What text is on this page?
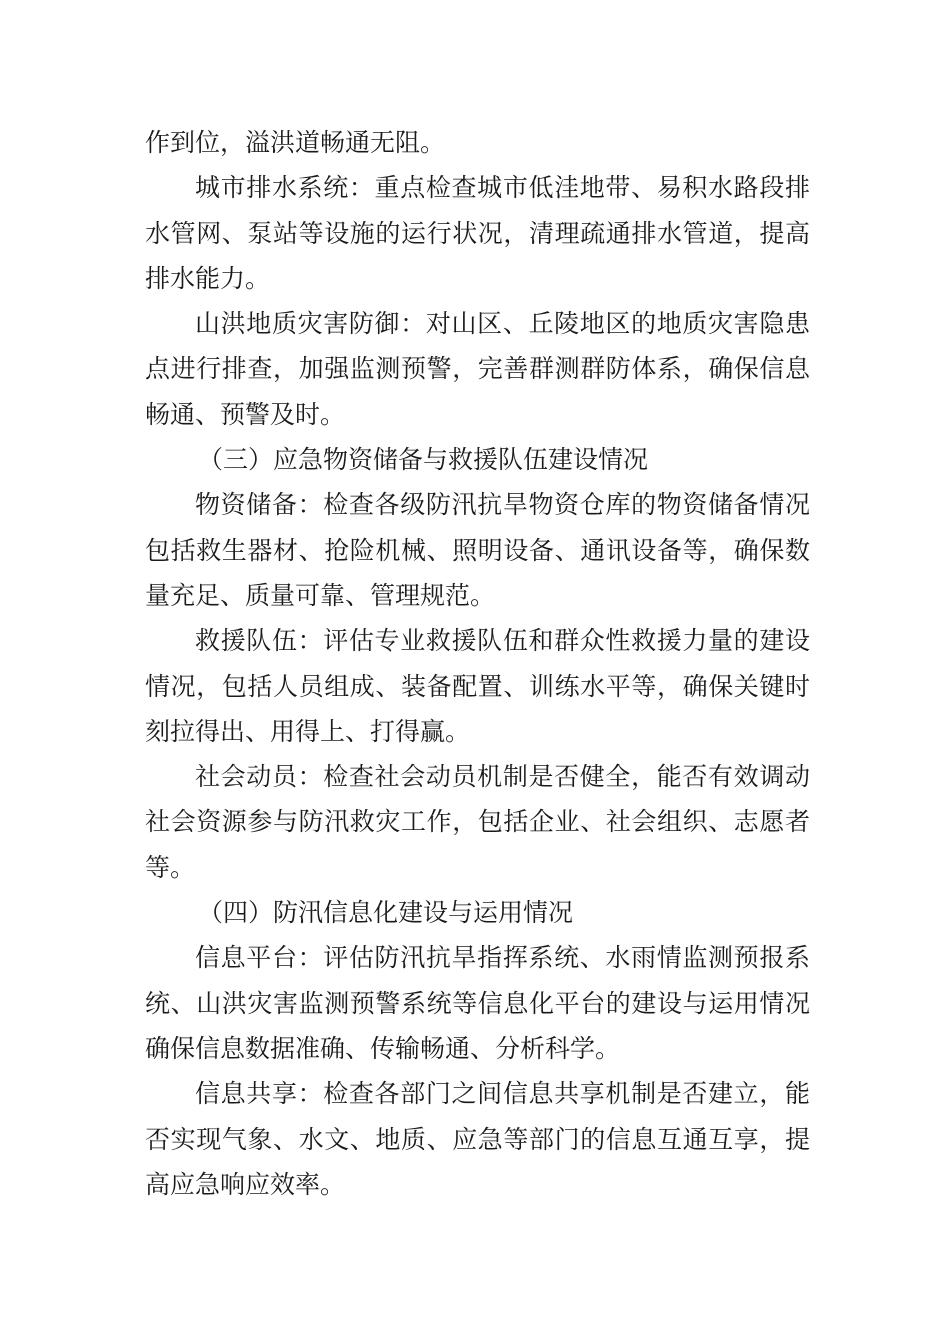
作到位，溢洪道畅通无阻。

城市排水系统：重点检查城市低洼地带、易积水路段排水管网、泵站等设施的运行状况，清理疏通排水管道，提高排水能力。

山洪地质灾害防御：对山区、丘陵地区的地质灾害隐患点进行排查，加强监测预警，完善群测群防体系，确保信息畅通、预警及时。

（三）应急物资储备与救援队伍建设情况

物资储备：检查各级防汛抗旱物资仓库的物资储备情况包括救生器材、抢险机械、照明设备、通讯设备等，确保数量充足、质量可靠、管理规范。

救援队伍：评估专业救援队伍和群众性救援力量的建设情况，包括人员组成、装备配置、训练水平等，确保关键时刻拉得出、用得上、打得赢。

社会动员：检查社会动员机制是否健全，能否有效调动社会资源参与防汛救灾工作，包括企业、社会组织、志愿者等。

（四）防汛信息化建设与运用情况

信息平台：评估防汛抗旱指挥系统、水雨情监测预报系统、山洪灾害监测预警系统等信息化平台的建设与运用情况确保信息数据准确、传输畅通、分析科学。

信息共享：检查各部门之间信息共享机制是否建立，能否实现气象、水文、地质、应急等部门的信息互通互享，提高应急响应效率。
